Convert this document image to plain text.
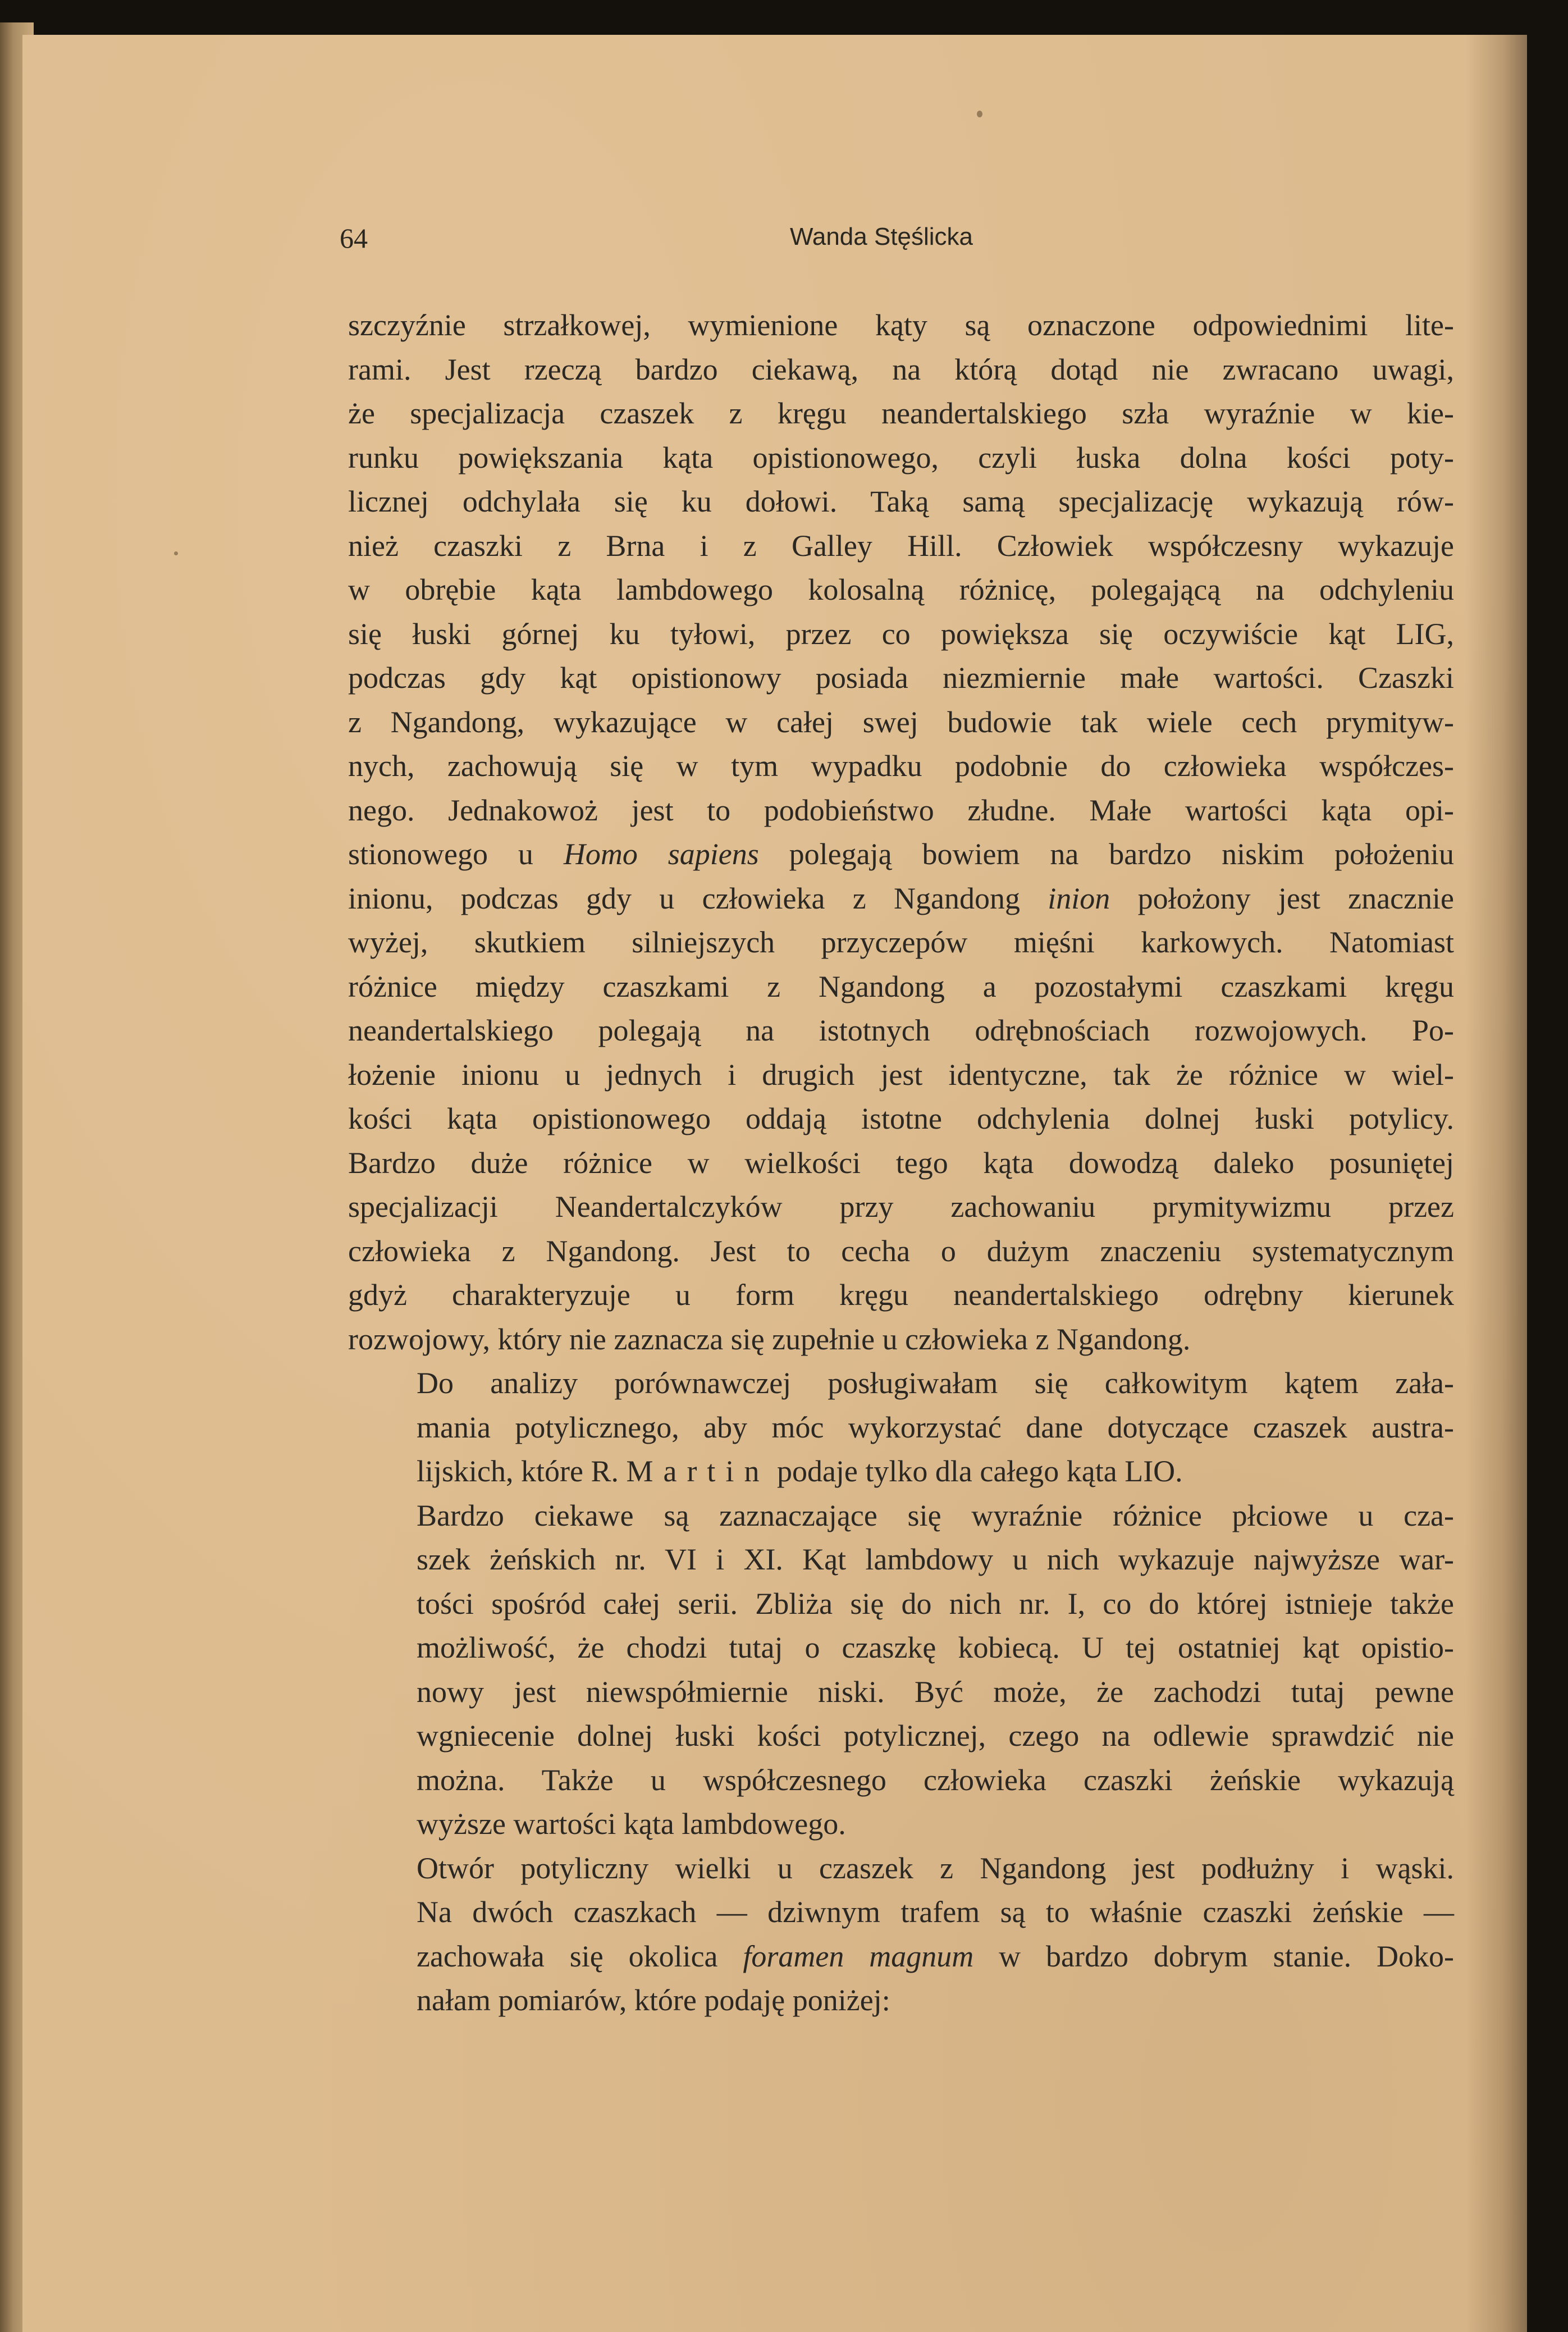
64	Wanda Stęślicka

szczyźnie strzałkowej, wymienione kąty są oznaczone odpowiednimi lite-
rami. Jest rzeczą bardzo ciekawą, na którą dotąd nie zwracano uwagi,
że specjalizacja czaszek z kręgu neandertalskiego szła wyraźnie w kie-
runku powiększania kąta opistionowego, czyli łuska dolna kości poty-
licznej odchylała się ku dołowi. Taką samą specjalizację wykazują rów-
nież czaszki z Brna i z Galley Hill. Człowiek współczesny wykazuje
w obrębie kąta lambdowego kolosalną różnicę, polegającą na odchyleniu
się łuski górnej ku tyłowi, przez co powiększa się oczywiście kąt LIG,
podczas gdy kąt opistionowy posiada niezmiernie małe wartości. Czaszki
z Ngandong, wykazujące w całej swej budowie tak wiele cech prymityw-
nych, zachowują się w tym wypadku podobnie do człowieka współczes-
nego. Jednakowoż jest to podobieństwo złudne. Małe wartości kąta opi-
stionowego u Homo sapiens polegają bowiem na bardzo niskim położeniu
inionu, podczas gdy u człowieka z Ngandong inion położony jest znacznie
wyżej, skutkiem silniejszych przyczepów mięśni karkowych. Natomiast
różnice między czaszkami z Ngandong a pozostałymi czaszkami kręgu
neandertalskiego polegają na istotnych odrębnościach rozwojowych. Po-
łożenie inionu u jednych i drugich jest identyczne, tak że różnice w wiel-
kości kąta opistionowego oddają istotne odchylenia dolnej łuski potylicy.
Bardzo duże różnice w wielkości tego kąta dowodzą daleko posuniętej
specjalizacji Neandertalczyków przy zachowaniu prymitywizmu przez
człowieka z Ngandong. Jest to cecha o dużym znaczeniu systematycznym
gdyż charakteryzuje u form kręgu neandertalskiego odrębny kierunek
rozwojowy, który nie zaznacza się zupełnie u człowieka z Ngandong.

Do analizy porównawczej posługiwałam się całkowitym kątem zała-
mania potylicznego, aby móc wykorzystać dane dotyczące czaszek austra-
lijskich, które R. Martin podaje tylko dla całego kąta LIO.

Bardzo ciekawe są zaznaczające się wyraźnie różnice płciowe u cza-
szek żeńskich nr. VI i XI. Kąt lambdowy u nich wykazuje najwyższe war-
tości spośród całej serii. Zbliża się do nich nr. I, co do której istnieje także
możliwość, że chodzi tutaj o czaszkę kobiecą. U tej ostatniej kąt opistio-
nowy jest niewspółmiernie niski. Być może, że zachodzi tutaj pewne
wgniecenie dolnej łuski kości potylicznej, czego na odlewie sprawdzić nie
można. Także u współczesnego człowieka czaszki żeńskie wykazują
wyższe wartości kąta lambdowego.

Otwór potyliczny wielki u czaszek z Ngandong jest podłużny i wąski.
Na dwóch czaszkach — dziwnym trafem są to właśnie czaszki żeńskie —
zachowała się okolica foramen magnum w bardzo dobrym stanie. Doko-
nałam pomiarów, które podaję poniżej:
